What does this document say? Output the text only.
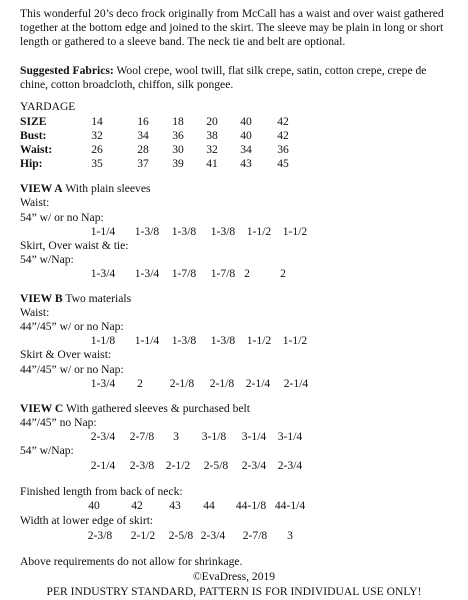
This wonderful 20’s deco frock originally from McCall has a waist and over waist gathered together at the bottom edge and joined to the skirt. The sleeve may be plain in long or short length or gathered to a sleeve band. The neck tie and belt are optional.

Suggested Fabrics: Wool crepe, wool twill, flat silk crepe, satin, cotton crepe, crepe de chine, cotton broadcloth, chiffon, silk pongee.

YARDAGE
SIZE	14	16 18 20 40 42
Bust:	32	34 36 38 40 42
Waist:	26	28 30 32 34 36
Hip:	35	37 39 41 43 45
VIEW A With plain sleeves
Waist:
54” w/ or no Nap:
1-1/4 1-3/8 1-3/8 1-3/8 1-1/2 1-1/2
Skirt, Over waist & tie:
54” w/Nap:
1-3/4 1-3/4 1-7/8 1-7/8 2	2
VIEW B Two materials
Waist:
44”/45” w/ or no Nap:
1-1/8 1-1/4 1-3/8 1-3/8 1-1/2 1-1/2
Skirt & Over waist:
44”/45” w/ or no Nap:
1-3/4 2 2-1/8 2-1/8 2-1/4 2-1/4
VIEW C With gathered sleeves & purchased belt
44”/45” no Nap:
2-3/4 2-7/8 3 3-1/8 3-1/4 3-1/4
54” w/Nap:
2-1/4 2-3/8 2-1/2 2-5/8 2-3/4 2-3/4
Finished length from back of neck:
40	42 43 44 44-1/8 44-1/4
Width at lower edge of skirt:
2-3/8 2-1/2 2-5/8 2-3/4 2-7/8 3
Above requirements do not allow for shrinkage.
©EvaDress, 2019
PER INDUSTRY STANDARD, PATTERN IS FOR INDIVIDUAL USE ONLY!
